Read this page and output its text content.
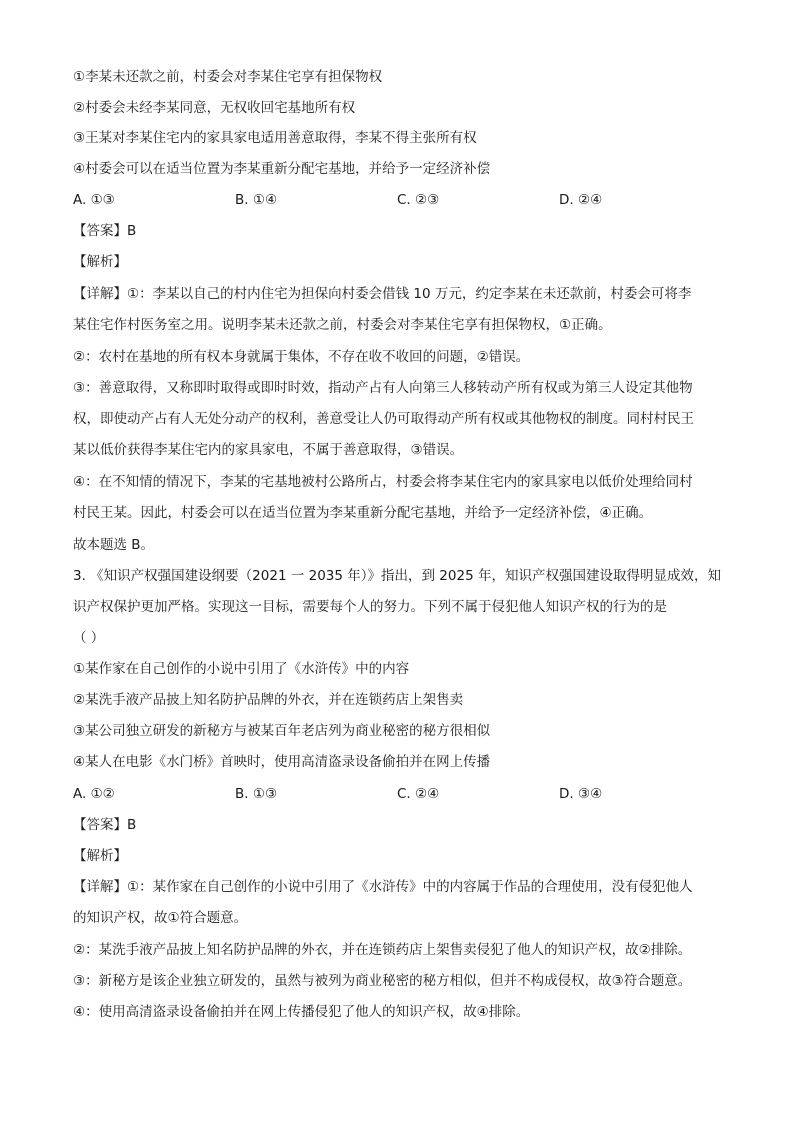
①李某未还款之前，村委会对李某住宅享有担保物权
②村委会未经李某同意，无权收回宅基地所有权
③王某对李某住宅内的家具家电适用善意取得，李某不得主张所有权
④村委会可以在适当位置为李某重新分配宅基地，并给予一定经济补偿
A. ①③	B. ①④	C. ②③	D. ②④
【答案】B
【解析】
【详解】①：李某以自己的村内住宅为担保向村委会借钱 10 万元，约定李某在未还款前，村委会可将李
某住宅作村医务室之用。说明李某未还款之前，村委会对李某住宅享有担保物权，①正确。
②：农村在基地的所有权本身就属于集体，不存在收不收回的问题，②错误。
③：善意取得，又称即时取得或即时时效，指动产占有人向第三人移转动产所有权或为第三人设定其他物
权，即使动产占有人无处分动产的权利，善意受让人仍可取得动产所有权或其他物权的制度。同村村民王
某以低价获得李某住宅内的家具家电，不属于善意取得，③错误。
④：在不知情的情况下，李某的宅基地被村公路所占，村委会将李某住宅内的家具家电以低价处理给同村
村民王某。因此，村委会可以在适当位置为李某重新分配宅基地，并给予一定经济补偿，④正确。
故本题选 B。
3. 《知识产权强国建设纲要（2021 一 2035 年）》指出，到 2025 年，知识产权强国建设取得明显成效，知
识产权保护更加严格。实现这一目标，需要每个人的努力。下列不属于侵犯他人知识产权的行为的是
（ ）
①某作家在自己创作的小说中引用了《水浒传》中的内容
②某洗手液产品披上知名防护品牌的外衣，并在连锁药店上架售卖
③某公司独立研发的新秘方与被某百年老店列为商业秘密的秘方很相似
④某人在电影《水门桥》首映时，使用高清盗录设备偷拍并在网上传播
A. ①②	B. ①③	C. ②④	D. ③④
【答案】B
【解析】
【详解】①：某作家在自己创作的小说中引用了《水浒传》中的内容属于作品的合理使用，没有侵犯他人
的知识产权，故①符合题意。
②：某洗手液产品披上知名防护品牌的外衣，并在连锁药店上架售卖侵犯了他人的知识产权，故②排除。
③：新秘方是该企业独立研发的，虽然与被列为商业秘密的秘方相似，但并不构成侵权，故③符合题意。
④：使用高清盗录设备偷拍并在网上传播侵犯了他人的知识产权，故④排除。
